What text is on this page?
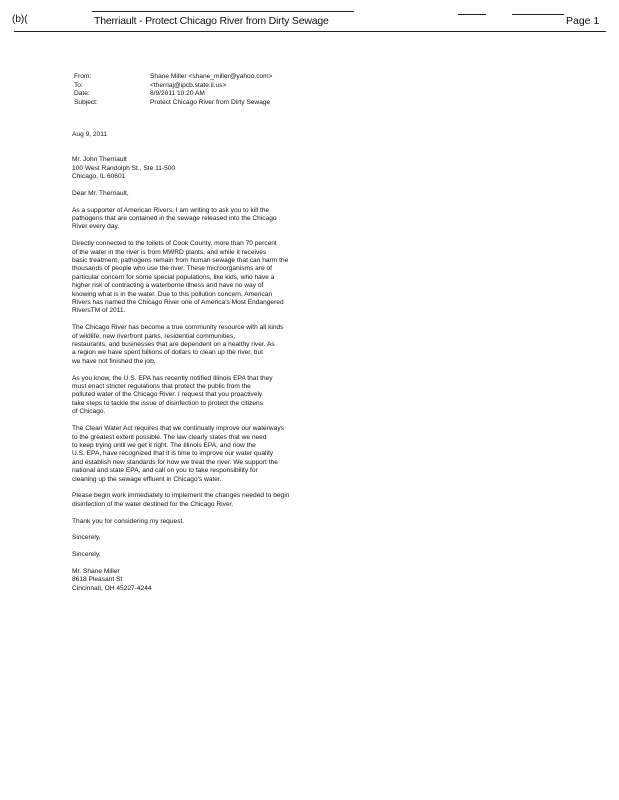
(b)(	Therriault - Protect Chicago River from Dirty Sewage	Page 1
From:	Shane Miller <shane_miller@yahoo.com>
To:	<therriaj@ipcb.state.il.us>
Date:	8/9/2011 10:20 AM
Subject:	Protect Chicago River from Dirty Sewage

Aug 9, 2011

Mr. John Therriault
100 West Randolph St., Ste 11-500
Chicago, IL 60601

Dear Mr. Therriault,

As a supporter of American Rivers, I am writing to ask you to kill the
pathogens that are contained in the sewage released into the Chicago
River every day.

Directly connected to the toilets of Cook County, more than 70 percent
of the water in the river is from MWRD plants, and while it receives
basic treatment, pathogens remain from human sewage that can harm the
thousands of people who use the river. These microorganisms are of
particular concern for some special populations, like kids, who have a
higher risk of contracting a waterborne illness and have no way of
knowing what is in the water. Due to this pollution concern, American
Rivers has named the Chicago River one of America's Most Endangered
RiversTM of 2011.

The Chicago River has become a true community resource with all kinds
of wildlife, new riverfront parks, residential communities,
restaurants, and businesses that are dependent on a healthy river. As
a region we have spent billions of dollars to clean up the river, but
we have not finished the job.

As you know, the U.S. EPA has recently notified Illinois EPA that they
must enact stricter regulations that protect the public from the
polluted water of the Chicago River. I request that you proactively
take steps to tackle the issue of disinfection to protect the citizens
of Chicago.

The Clean Water Act requires that we continually improve our waterways
to the greatest extent possible. The law clearly states that we need
to keep trying until we get it right. The Illinois EPA, and now the
U.S. EPA, have recognized that it is time to improve our water quality
and establish new standards for how we treat the river. We support the
national and state EPA, and call on you to take responsibility for
cleaning up the sewage effluent in Chicago's water.

Please begin work immediately to implement the changes needed to begin
disinfection of the water destined for the Chicago River.

Thank you for considering my request.

Sincerely,

Sincerely,

Mr. Shane Miller
8618 Pleasant St
Cincinnati, OH 45227-4244
